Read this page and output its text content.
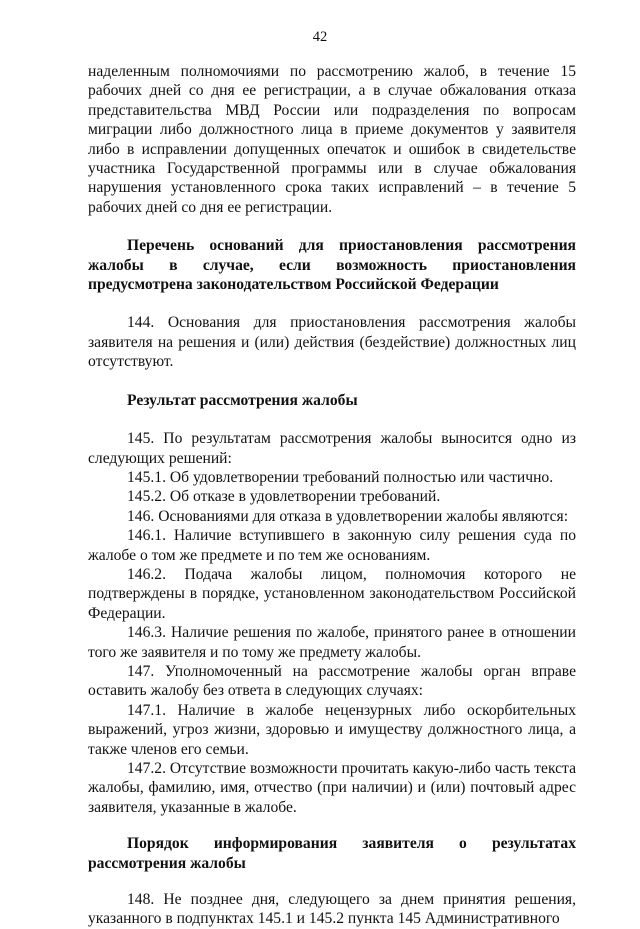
42

наделенным полномочиями по рассмотрению жалоб, в течение 15 рабочих дней со дня ее регистрации, а в случае обжалования отказа представительства МВД России или подразделения по вопросам миграции либо должностного лица в приеме документов у заявителя либо в исправлении допущенных опечаток и ошибок в свидетельстве участника Государственной программы или в случае обжалования нарушения установленного срока таких исправлений – в течение 5 рабочих дней со дня ее регистрации.

Перечень оснований для приостановления рассмотрения жалобы в случае, если возможность приостановления предусмотрена законодательством Российской Федерации

144. Основания для приостановления рассмотрения жалобы заявителя на решения и (или) действия (бездействие) должностных лиц отсутствуют.

Результат рассмотрения жалобы

145. По результатам рассмотрения жалобы выносится одно из следующих решений:

145.1. Об удовлетворении требований полностью или частично.

145.2. Об отказе в удовлетворении требований.

146. Основаниями для отказа в удовлетворении жалобы являются:

146.1. Наличие вступившего в законную силу решения суда по жалобе о том же предмете и по тем же основаниям.

146.2. Подача жалобы лицом, полномочия которого не подтверждены в порядке, установленном законодательством Российской Федерации.

146.3. Наличие решения по жалобе, принятого ранее в отношении того же заявителя и по тому же предмету жалобы.

147. Уполномоченный на рассмотрение жалобы орган вправе оставить жалобу без ответа в следующих случаях:

147.1. Наличие в жалобе нецензурных либо оскорбительных выражений, угроз жизни, здоровью и имуществу должностного лица, а также членов его семьи.

147.2. Отсутствие возможности прочитать какую-либо часть текста жалобы, фамилию, имя, отчество (при наличии) и (или) почтовый адрес заявителя, указанные в жалобе.

Порядок информирования заявителя о результатах рассмотрения жалобы

148. Не позднее дня, следующего за днем принятия решения, указанного в подпунктах 145.1 и 145.2 пункта 145 Административного
